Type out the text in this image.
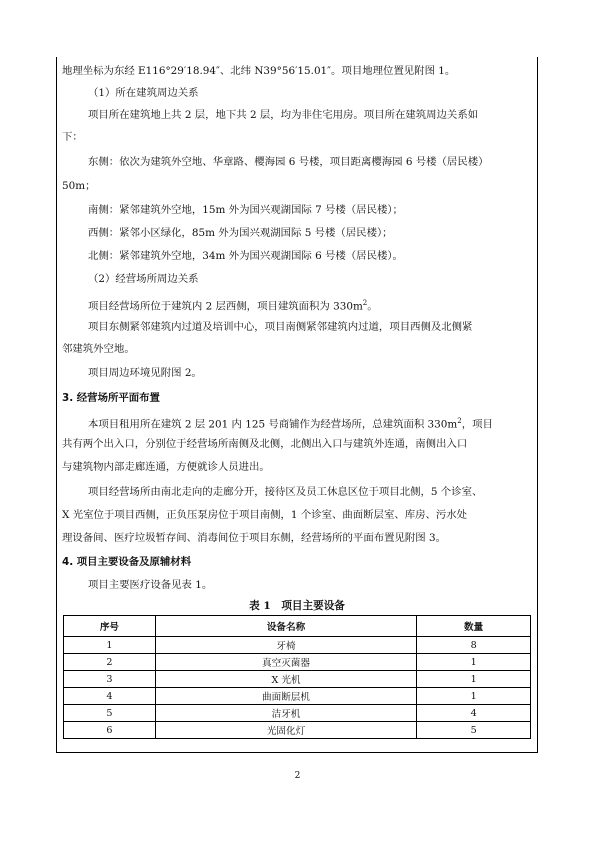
地理坐标为东经 E116°29′18.94″、北纬 N39°56′15.01″。项目地理位置见附图 1。
（1）所在建筑周边关系
项目所在建筑地上共 2 层，地下共 2 层，均为非住宅用房。项目所在建筑周边关系如
下：
东侧：依次为建筑外空地、华章路、樱海园 6 号楼，项目距离樱海园 6 号楼（居民楼）
50m；
南侧：紧邻建筑外空地，15m 外为国兴观湖国际 7 号楼（居民楼）；
西侧：紧邻小区绿化，85m 外为国兴观湖国际 5 号楼（居民楼）；
北侧：紧邻建筑外空地，34m 外为国兴观湖国际 6 号楼（居民楼）。
（2）经营场所周边关系
项目经营场所位于建筑内 2 层西侧，项目建筑面积为 $330m^2$。
项目东侧紧邻建筑内过道及培训中心，项目南侧紧邻建筑内过道，项目西侧及北侧紧
邻建筑外空地。
项目周边环境见附图 2。
3. 经营场所平面布置
本项目租用所在建筑 2 层 201 内 125 号商铺作为经营场所，总建筑面积 $330m^2$，项目
共有两个出入口，分别位于经营场所南侧及北侧，北侧出入口与建筑外连通，南侧出入口
与建筑物内部走廊连通，方便就诊人员进出。
项目经营场所由南北走向的走廊分开，接待区及员工休息区位于项目北侧，5 个诊室、
X 光室位于项目西侧，正负压泵房位于项目南侧，1 个诊室、曲面断层室、库房、污水处
理设备间、医疗垃圾暂存间、消毒间位于项目东侧，经营场所的平面布置见附图 3。
4. 项目主要设备及原辅材料
项目主要医疗设备见表 1。
表 1　项目主要设备
序号	设备名称	数量
1	牙椅	8
2	真空灭菌器	1
3	X 光机	1
4	曲面断层机	1
5	洁牙机	4
6	光固化灯	5
2
